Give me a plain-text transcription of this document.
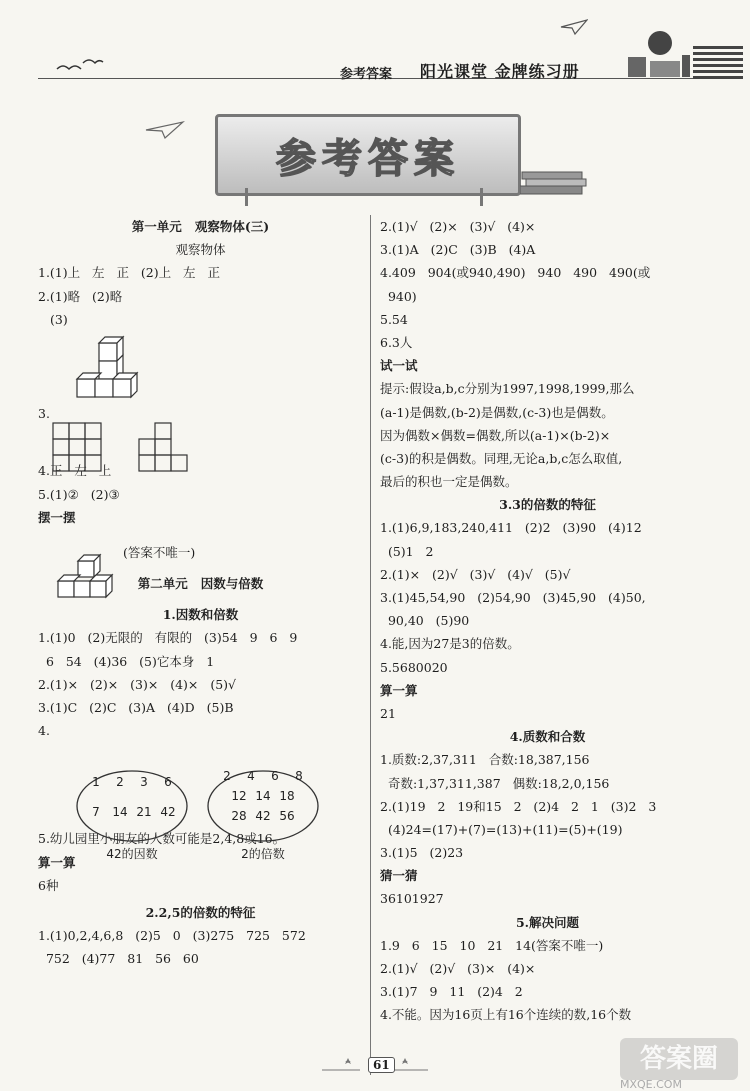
参考答案 阳光课堂 金牌练习册
参考答案
第一单元   观察物体(三)
观察物体
1.(1)上   左   正   (2)上   左   正
2.(1)略   (2)略
(3)
3.
4.正   左   上
5.(1)②   (2)③
摆一摆
(答案不唯一)
第二单元   因数与倍数
1.因数和倍数
1.(1)0   (2)无限的   有限的   (3)54   9   6   9
6   54   (4)36   (5)它本身   1
2.(1)×   (2)×   (3)×   (4)×   (5)√
3.(1)C   (2)C   (3)A   (4)D   (5)B
4.
5.幼儿园里小朋友的人数可能是2,4,8或16。
算一算
6种
2.2,5的倍数的特征
1.(1)0,2,4,6,8   (2)5   0   (3)275   725   572
752   (4)77   81   56   60
1 2 3 6
7 14 21 42
2 4 6 8
12 14 18
28 42 56
42的因数	2的倍数
2.(1)√   (2)×   (3)√   (4)×
3.(1)A   (2)C   (3)B   (4)A
4.409   904(或940,490)   940   490   490(或
940)
5.54
6.3人
试一试
提示:假设a,b,c分别为1997,1998,1999,那么
(a-1)是偶数,(b-2)是偶数,(c-3)也是偶数。
因为偶数×偶数=偶数,所以(a-1)×(b-2)×
(c-3)的积是偶数。同理,无论a,b,c怎么取值,
最后的积也一定是偶数。
3.3的倍数的特征
1.(1)6,9,183,240,411   (2)2   (3)90   (4)12
(5)1   2
2.(1)×   (2)√   (3)√   (4)√   (5)√
3.(1)45,54,90   (2)54,90   (3)45,90   (4)50,
90,40   (5)90
4.能,因为27是3的倍数。
5.5680020
算一算
21
4.质数和合数
1.质数:2,37,311   合数:18,387,156
奇数:1,37,311,387   偶数:18,2,0,156
2.(1)19   2   19和15   2   (2)4   2   1   (3)2   3
(4)24=(17)+(7)=(13)+(11)=(5)+(19)
3.(1)5   (2)23
猜一猜
36101927
5.解决问题
1.9   6   15   10   21   14(答案不唯一)
2.(1)√   (2)√   (3)×   (4)×
3.(1)7   9   11   (2)4   2
4.不能。因为16页上有16个连续的数,16个数
61	答案圈
MXQE.COM
